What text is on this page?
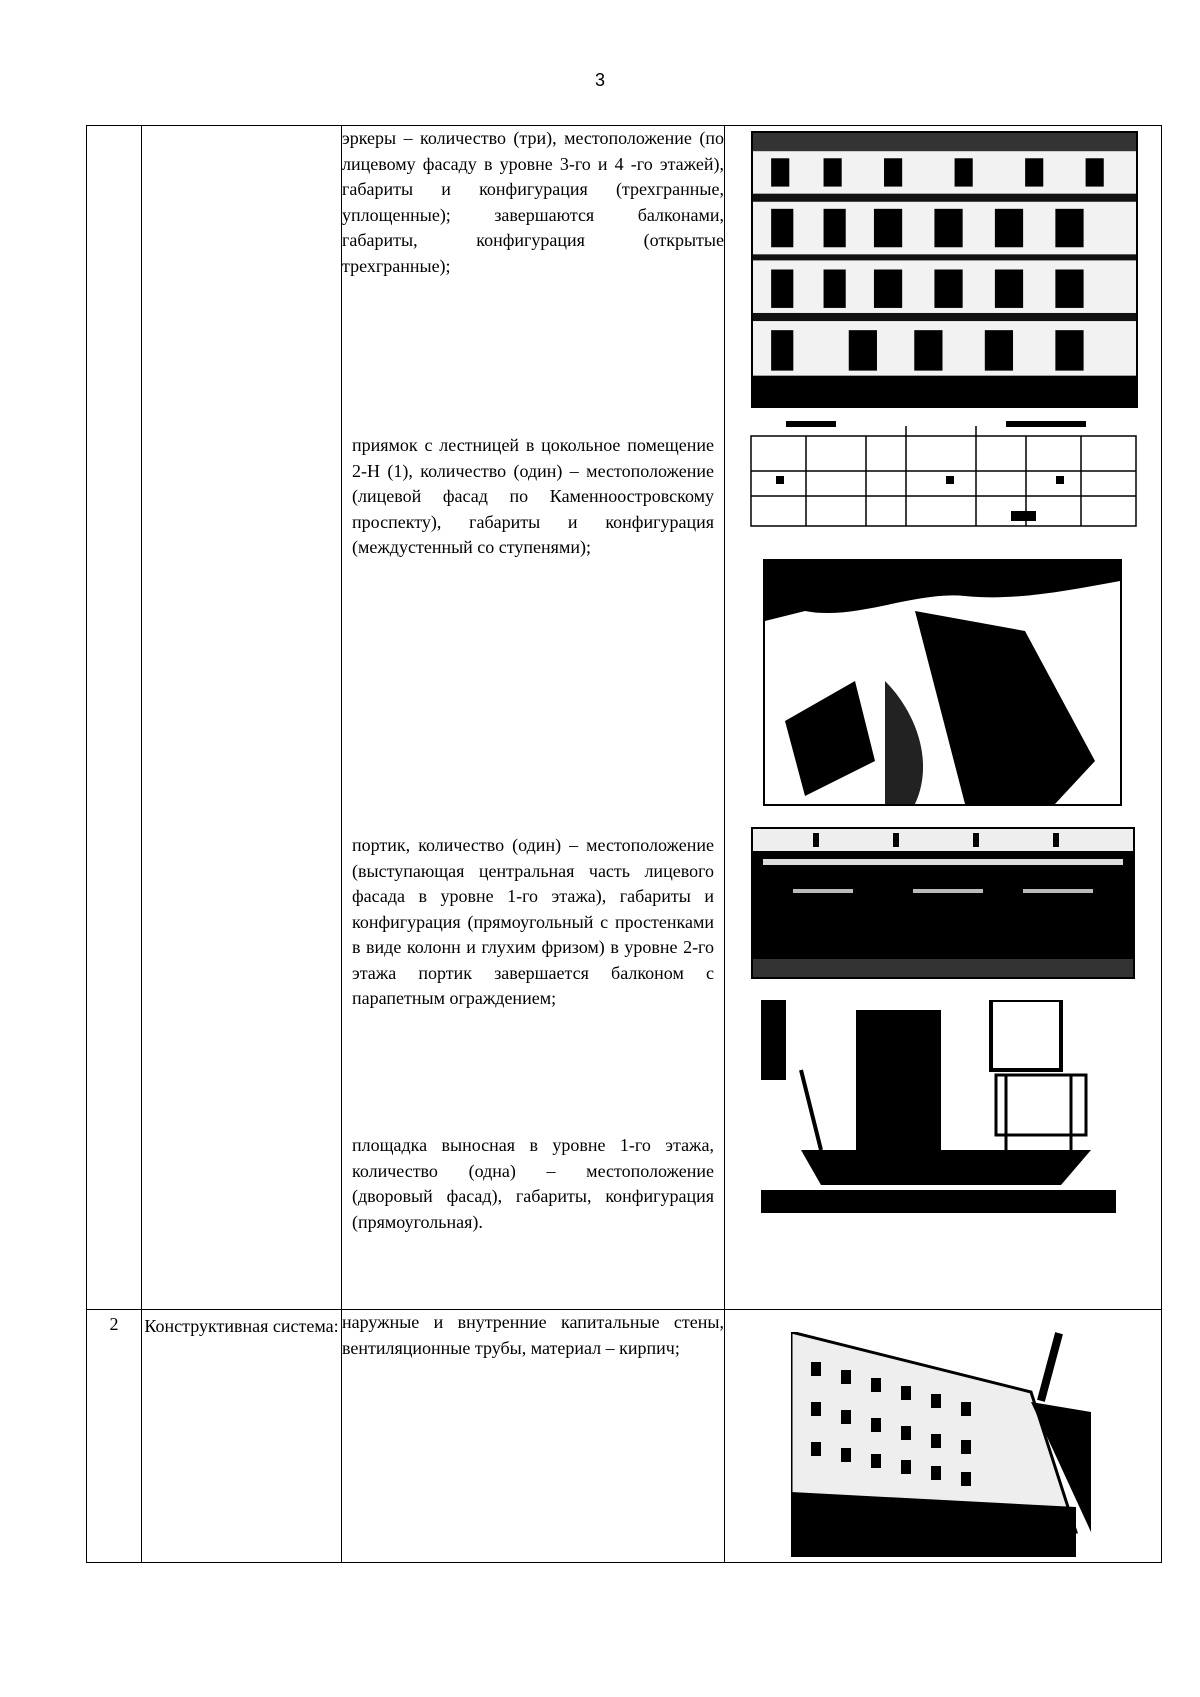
3

		эркеры – количество (три), местоположение (по лицевому фасаду в уровне 3-го и 4 -го этажей), габариты и конфигурация (трехгранные, уплощенные); завершаются балконами, габариты, конфигурация (открытые трехгранные);

приямок с лестницей в цокольное помещение 2-Н (1), количество (один) – местоположение (лицевой фасад по Каменноостровскому проспекту), габариты и конфигурация (междустенный со ступенями);

портик, количество (один) – местоположение (выступающая центральная часть лицевого фасада в уровне 1-го этажа), габариты и конфигурация (прямоугольный с простенками в виде колонн и глухим фризом) в уровне 2-го этажа портик завершается балконом с парапетным ограждением;

площадка выносная в уровне 1-го этажа, количество (одна) – местоположение (дворовый фасад), габариты, конфигурация (прямоугольная).

2	Конструктивная система:	наружные и внутренние капитальные стены, вентиляционные трубы, материал – кирпич;
